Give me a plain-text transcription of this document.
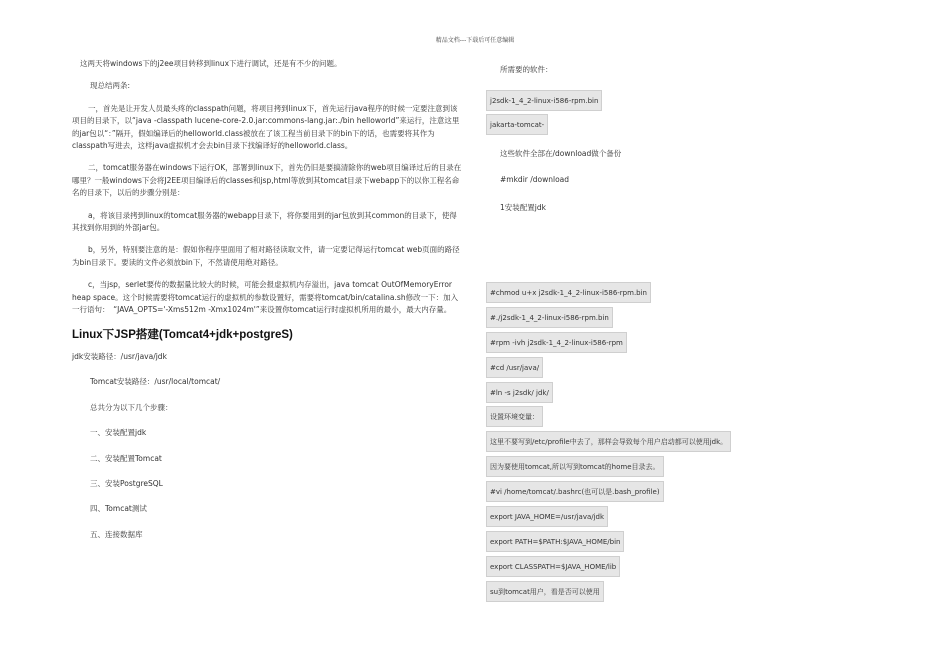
精品文档---下载后可任意编辑

这两天将windows下的j2ee项目转移到linux下进行调试，还是有不少的问题。

现总结两条:

一，首先是让开发人员最头疼的classpath问题，将项目拷到linux下，首先运行java程序的时候一定要注意到该项目的目录下，以“java -classpath lucene-core-2.0.jar:commons-lang.jar:./bin helloworld”来运行，注意这里的jar包以“：”隔开，假如编译后的helloworld.class被放在了该工程当前目录下的bin下的话，也需要将其作为classpath写进去，这样java虚拟机才会去bin目录下找编译好的helloworld.class。

二，tomcat服务器在windows下运行OK，部署到linux下，首先仍旧是要搞清除你的web项目编译过后的目录在哪里？一般windows下会将J2EE项目编译后的classes和jsp,html等放到其tomcat目录下webapp下的以你工程名命名的目录下，以后的步骤分别是：

a，将该目录拷到linux的tomcat服务器的webapp目录下，将你要用到的jar包放到其common的目录下，使得其找到你用到的外部jar包。

b，另外，特别要注意的是：假如你程序里面用了相对路径读取文件，请一定要记得运行tomcat web页面的路径为bin目录下。要读的文件必须放bin下，不然请使用绝对路径。

c，当jsp，serlet要传的数据量比较大的时候，可能会报虚拟机内存溢出，java tomcat OutOfMemoryError heap space。这个时候需要将tomcat运行的虚拟机的参数设置好，需要将tomcat/bin/catalina.sh修改一下：加入一行语句：　“JAVA_OPTS='-Xms512m -Xmx1024m'”来设置你tomcat运行时虚拟机所用的最小，最大内存量。

Linux下JSP搭建(Tomcat4+jdk+postgreS)

jdk安装路径：/usr/java/jdk

Tomcat安装路径：/usr/local/tomcat/

总共分为以下几个步骤：

一、安装配置jdk

二、安装配置Tomcat

三、安装PostgreSQL

四、Tomcat测试

五、连接数据库

所需要的软件：
j2sdk-1_4_2-linux-i586-rpm.bin
jakarta-tomcat-
这些软件全部在/download做个备份
#mkdir /download
1安装配置jdk
#chmod u+x j2sdk-1_4_2-linux-i586-rpm.bin
#./j2sdk-1_4_2-linux-i586-rpm.bin
#rpm -ivh j2sdk-1_4_2-linux-i586-rpm
#cd /usr/java/
#ln -s j2sdk/ jdk/
设置环境变量：
这里不要写到/etc/profile中去了，那样会导致每个用户启动都可以使用jdk。
因为要使用tomcat,所以写到tomcat的home目录去。
#vi /home/tomcat/.bashrc(也可以是.bash_profile)
export JAVA_HOME=/usr/java/jdk
export PATH=$PATH:$JAVA_HOME/bin
export CLASSPATH=$JAVA_HOME/lib
su到tomcat用户，看是否可以使用
